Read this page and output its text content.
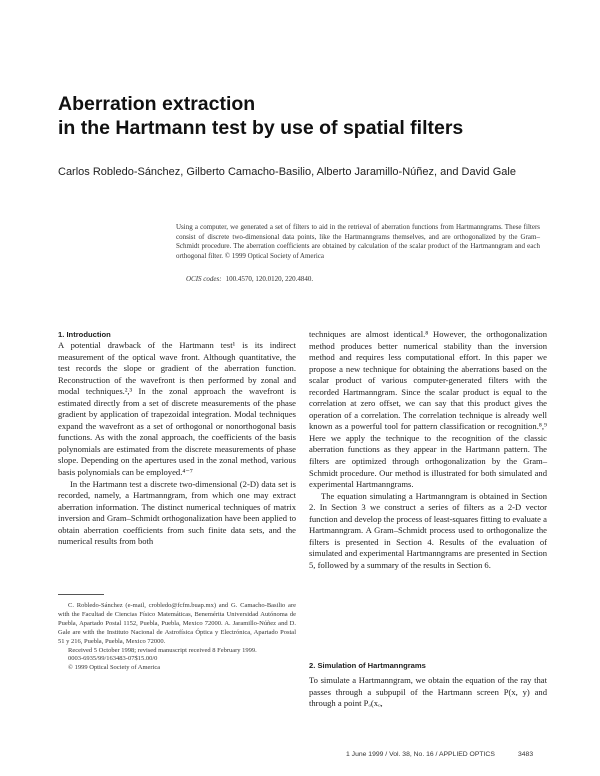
Aberration extraction
in the Hartmann test by use of spatial filters
Carlos Robledo-Sánchez, Gilberto Camacho-Basilio, Alberto Jaramillo-Núñez, and David Gale
Using a computer, we generated a set of filters to aid in the retrieval of aberration functions from Hartmanngrams. These filters consist of discrete two-dimensional data points, like the Hartmanngrams themselves, and are orthogonalized by the Gram–Schmidt procedure. The aberration coefficients are obtained by calculation of the scalar product of the Hartmanngram and each orthogonal filter. © 1999 Optical Society of America
OCIS codes: 100.4570, 120.0120, 220.4840.
1. Introduction

A potential drawback of the Hartmann test¹ is its indirect measurement of the optical wave front. Although quantitative, the test records the slope or gradient of the aberration function. Reconstruction of the wavefront is then performed by zonal and modal techniques.²,³ In the zonal approach the wavefront is estimated directly from a set of discrete measurements of the phase gradient by application of trapezoidal integration. Modal techniques expand the wavefront as a set of orthogonal or nonorthogonal basis functions. As with the zonal approach, the coefficients of the basis polynomials are estimated from the discrete measurements of phase slope. Depending on the apertures used in the zonal method, various basis polynomials can be employed.⁴⁻⁷

In the Hartmann test a discrete two-dimensional (2-D) data set is recorded, namely, a Hartmanngram, from which one may extract aberration information. The distinct numerical techniques of matrix inversion and Gram–Schmidt orthogonalization have been applied to obtain aberration coefficients from such finite data sets, and the numerical results from both

C. Robledo-Sánchez (e-mail, crobledo@fcfm.buap.mx) and G. Camacho-Basilio are with the Facultad de Ciencias Físico Matemáticas, Benemérita Universidad Autónoma de Puebla, Apartado Postal 1152, Puebla, Puebla, Mexico 72000. A. Jaramillo-Núñez and D. Gale are with the Instituto Nacional de Astrofísica Óptica y Electrónica, Apartado Postal 51 y 216, Puebla, Puebla, Mexico 72000.

Received 5 October 1998; revised manuscript received 8 February 1999.

0003-6935/99/163483-07$15.00/0

© 1999 Optical Society of America

techniques are almost identical.⁸ However, the orthogonalization method produces better numerical stability than the inversion method and requires less computational effort. In this paper we propose a new technique for obtaining the aberrations based on the scalar product of various computer-generated filters with the recorded Hartmanngram. Since the scalar product is equal to the correlation at zero offset, we can say that this product gives the operation of a correlation. The correlation technique is already well known as a powerful tool for pattern classification or recognition.⁸,⁹ Here we apply the technique to the recognition of the classic aberration functions as they appear in the Hartmann pattern. The filters are optimized through orthogonalization by the Gram–Schmidt procedure. Our method is illustrated for both simulated and experimental Hartmanngrams.

The equation simulating a Hartmanngram is obtained in Section 2. In Section 3 we construct a series of filters as a 2-D vector function and develop the process of least-squares fitting to evaluate a Hartmanngram. A Gram–Schmidt process used to orthogonalize the filters is presented in Section 4. Results of the evaluation of simulated and experimental Hartmanngrams are presented in Section 5, followed by a summary of the results in Section 6.

2. Simulation of Hartmanngrams

To simulate a Hartmanngram, we obtain the equation of the ray that passes through a subpupil of the Hartmann screen P(x, y) and through a point Pₒ(xₒ,

1 June 1999 / Vol. 38, No. 16 / APPLIED OPTICS	3483
